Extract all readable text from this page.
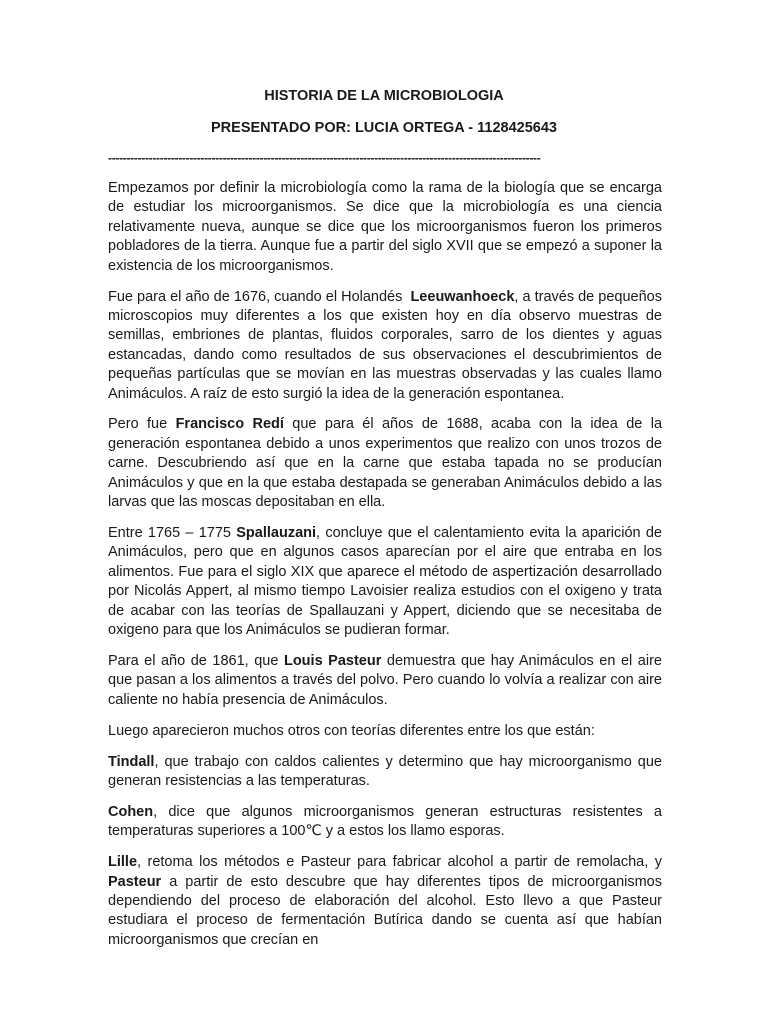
HISTORIA DE LA MICROBIOLOGIA
PRESENTADO POR: LUCIA ORTEGA - 1128425643
---------------------------------------------------------------------------------------------------------------------

Empezamos por definir la microbiología como la rama de la biología que se encarga de estudiar los microorganismos. Se dice que la microbiología es una ciencia relativamente nueva, aunque se dice que los microorganismos fueron los primeros pobladores de la tierra. Aunque fue a partir del siglo XVII que se empezó a suponer la existencia de los microorganismos.

Fue para el año de 1676, cuando el Holandés  Leeuwanhoeck, a través de pequeños microscopios muy diferentes a los que existen hoy en día observo muestras de semillas, embriones de plantas, fluidos corporales, sarro de los dientes y aguas estancadas, dando como resultados de sus observaciones el descubrimientos de pequeñas partículas que se movían en las muestras observadas y las cuales llamo Animáculos. A raíz de esto surgió la idea de la generación espontanea.

Pero fue Francisco Redí que para él años de 1688, acaba con la idea de la generación espontanea debido a unos experimentos que realizo con unos trozos de carne. Descubriendo así que en la carne que estaba tapada no se producían Animáculos y que en la que estaba destapada se generaban Animáculos debido a las larvas que las moscas depositaban en ella.

Entre 1765 – 1775 Spallauzani, concluye que el calentamiento evita la aparición de Animáculos, pero que en algunos casos aparecían por el aire que entraba en los alimentos. Fue para el siglo XIX que aparece el método de aspertización desarrollado por Nicolás Appert, al mismo tiempo Lavoisier realiza estudios con el oxigeno y trata de acabar con las teorías de Spallauzani y Appert, diciendo que se necesitaba de oxigeno para que los Animáculos se pudieran formar.

Para el año de 1861, que Louis Pasteur demuestra que hay Animáculos en el aire que pasan a los alimentos a través del polvo. Pero cuando lo volvía a realizar con aire caliente no había presencia de Animáculos.

Luego aparecieron muchos otros con teorías diferentes entre los que están:

Tindall, que trabajo con caldos calientes y determino que hay microorganismo que generan resistencias a las temperaturas.

Cohen, dice que algunos microorganismos generan estructuras resistentes a temperaturas superiores a 100℃ y a estos los llamo esporas.

Lille, retoma los métodos e Pasteur para fabricar alcohol a partir de remolacha, y Pasteur a partir de esto descubre que hay diferentes tipos de microorganismos dependiendo del proceso de elaboración del alcohol. Esto llevo a que Pasteur estudiara el proceso de fermentación Butírica dando se cuenta así que habían microorganismos que crecían en
